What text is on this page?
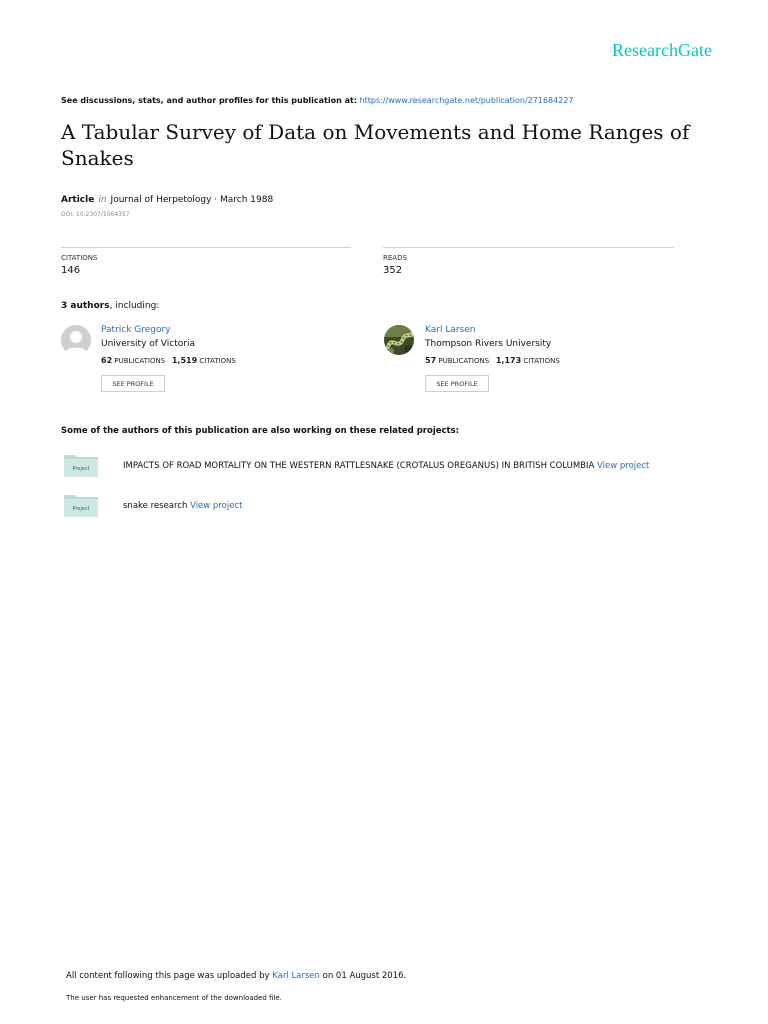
ResearchGate
See discussions, stats, and author profiles for this publication at: https://www.researchgate.net/publication/271684227
A Tabular Survey of Data on Movements and Home Ranges of Snakes
Article in Journal of Herpetology · March 1988
DOI: 10.2307/1564357
CITATIONS
146
READS
352
3 authors, including:
Patrick Gregory
University of Victoria
62 PUBLICATIONS 1,519 CITATIONS
SEE PROFILE
Karl Larsen
Thompson Rivers University
57 PUBLICATIONS 1,173 CITATIONS
SEE PROFILE
Some of the authors of this publication are also working on these related projects:
Project	IMPACTS OF ROAD MORTALITY ON THE WESTERN RATTLESNAKE (CROTALUS OREGANUS) IN BRITISH COLUMBIA View project
Project	snake research View project
All content following this page was uploaded by Karl Larsen on 01 August 2016.
The user has requested enhancement of the downloaded file.
